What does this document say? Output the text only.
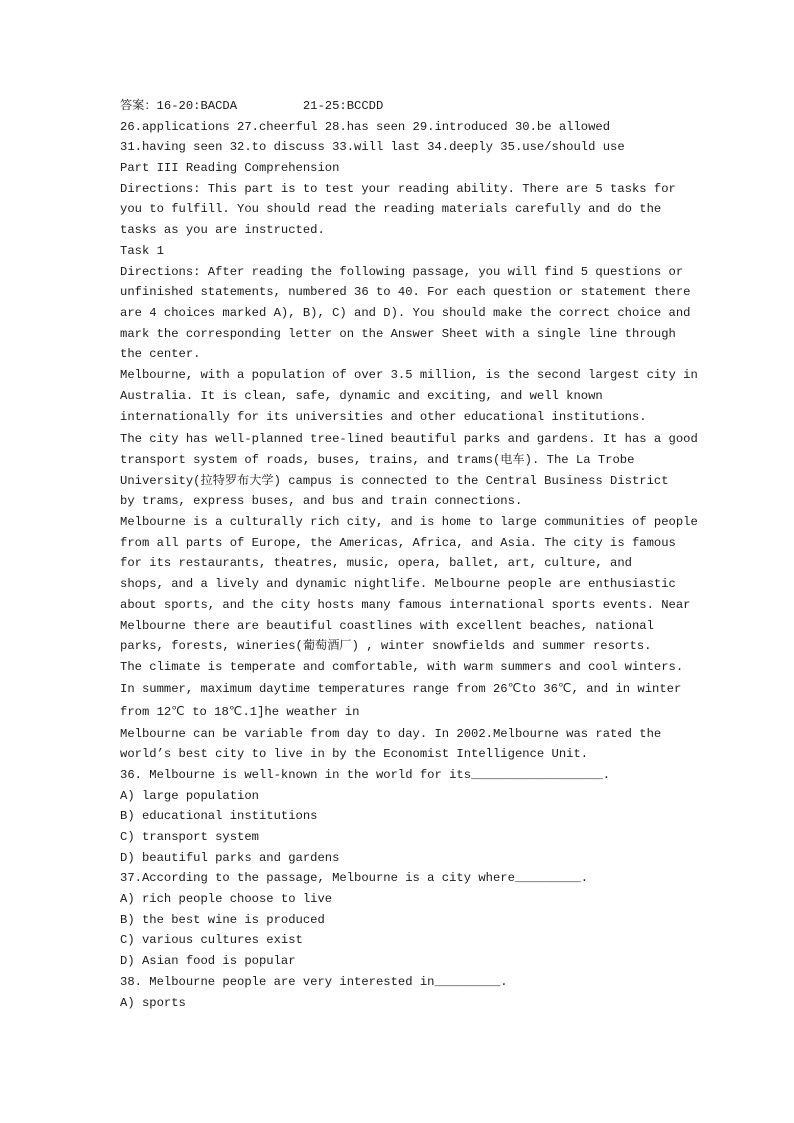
答案：16-20:BACDA         21-25:BCCDD
26.applications 27.cheerful 28.has seen 29.introduced 30.be allowed
31.having seen 32.to discuss 33.will last 34.deeply 35.use/should use
Part III Reading Comprehension
Directions: This part is to test your reading ability. There are 5 tasks for
you to fulfill. You should read the reading materials carefully and do the
tasks as you are instructed.
Task 1
Directions: After reading the following passage, you will find 5 questions or
unfinished statements, numbered 36 to 40. For each question or statement there
are 4 choices marked A), B), C) and D). You should make the correct choice and
mark the corresponding letter on the Answer Sheet with a single line through
the center.
Melbourne, with a population of over 3.5 million, is the second largest city in
Australia. It is clean, safe, dynamic and exciting, and well known
internationally for its universities and other educational institutions.
The city has well-planned tree-lined beautiful parks and gardens. It has a good
transport system of roads, buses, trains, and trams(电车). The La Trobe
University(拉特罗布大学) campus is connected to the Central Business District
by trams, express buses, and bus and train connections.
Melbourne is a culturally rich city, and is home to large communities of people
from all parts of Europe, the Americas, Africa, and Asia. The city is famous
for its restaurants, theatres, music, opera, ballet, art, culture, and
shops, and a lively and dynamic nightlife. Melbourne people are enthusiastic
about sports, and the city hosts many famous international sports events. Near
Melbourne there are beautiful coastlines with excellent beaches, national
parks, forests, wineries(葡萄酒厂) , winter snowfields and summer resorts.
The climate is temperate and comfortable, with warm summers and cool winters.
In summer, maximum daytime temperatures range from 26℃to 36℃, and in winter
from 12℃ to 18℃.1]he weather in
Melbourne can be variable from day to day. In 2002.Melbourne was rated the
world’s best city to live in by the Economist Intelligence Unit.
36. Melbourne is well-known in the world for its__________________.
A) large population
B) educational institutions
C) transport system
D) beautiful parks and gardens
37.According to the passage, Melbourne is a city where_________.
A) rich people choose to live
B) the best wine is produced
C) various cultures exist
D) Asian food is popular
38. Melbourne people are very interested in_________.
A) sports
